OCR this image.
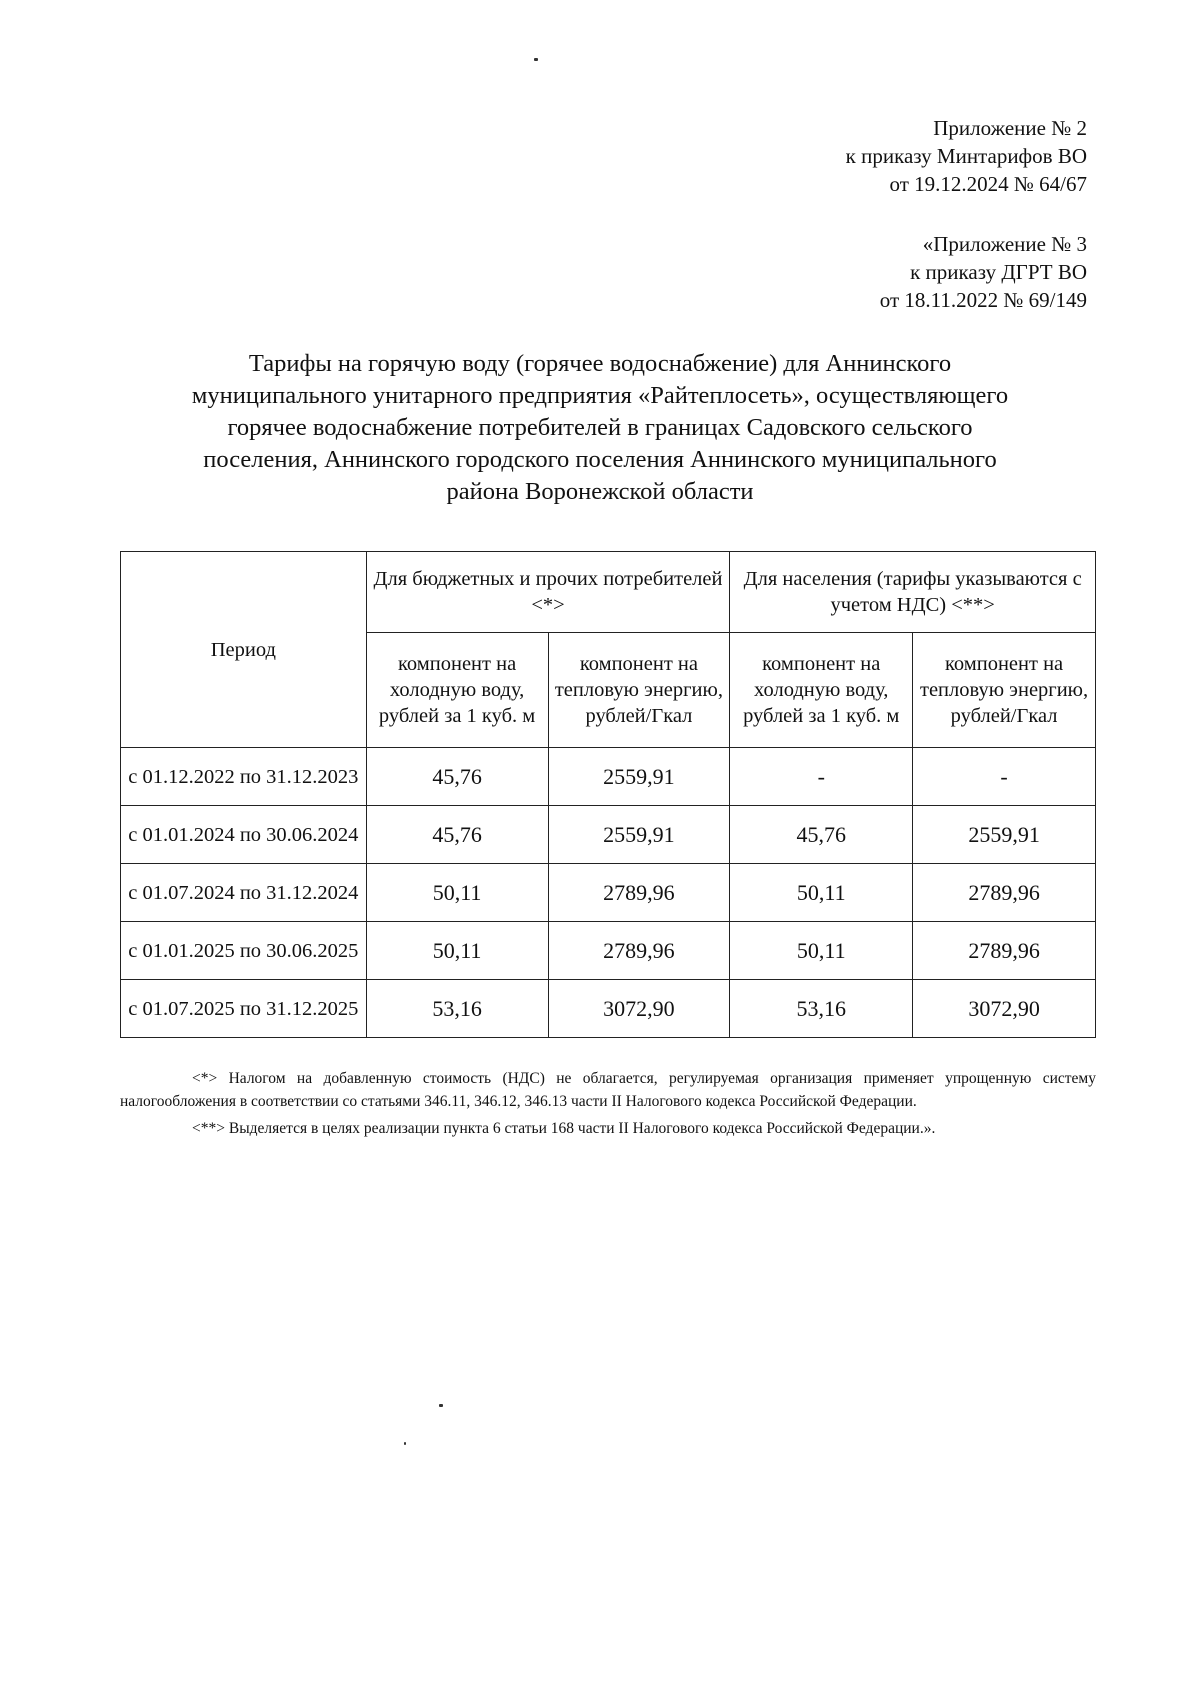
Приложение № 2
к приказу Минтарифов ВО
от 19.12.2024 № 64/67
«Приложение № 3
к приказу ДГРТ ВО
от 18.11.2022 № 69/149
Тарифы на горячую воду (горячее водоснабжение) для Аннинского
муниципального унитарного предприятия «Райтеплосеть», осуществляющего
горячее водоснабжение потребителей в границах Садовского сельского
поселения, Аннинского городского поселения Аннинского муниципального
района Воронежской области
Период	Для бюджетных и прочих потребителей <*>		Для населения (тарифы указываются с учетом НДС) <**>	
	компонент на холодную воду, рублей за 1 куб. м	компонент на тепловую энергию, рублей/Гкал	компонент на холодную воду, рублей за 1 куб. м	компонент на тепловую энергию, рублей/Гкал
с 01.12.2022 по 31.12.2023	45,76	2559,91	-	-
с 01.01.2024 по 30.06.2024	45,76	2559,91	45,76	2559,91
с 01.07.2024 по 31.12.2024	50,11	2789,96	50,11	2789,96
с 01.01.2025 по 30.06.2025	50,11	2789,96	50,11	2789,96
с 01.07.2025 по 31.12.2025	53,16	3072,90	53,16	3072,90

<*> Налогом на добавленную стоимость (НДС) не облагается, регулируемая организация применяет упрощенную систему налогообложения в соответствии со статьями 346.11, 346.12, 346.13 части II Налогового кодекса Российской Федерации.

<**> Выделяется в целях реализации пункта 6 статьи 168 части II Налогового кодекса Российской Федерации.».
